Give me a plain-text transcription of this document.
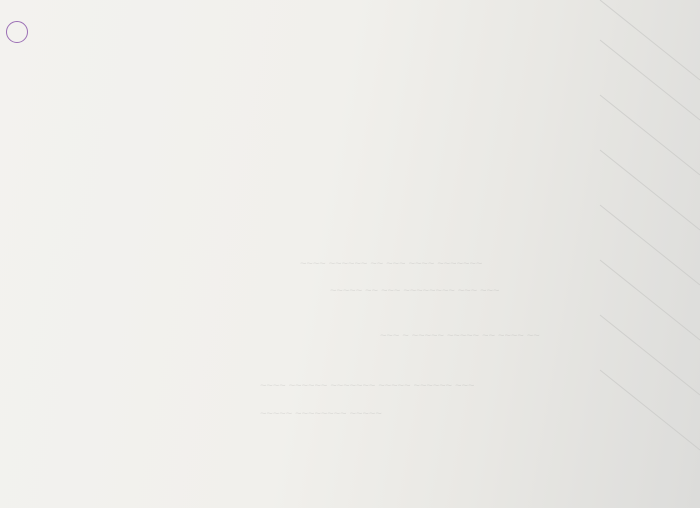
~~~~ ~~~~~~ ~~ ~~~ ~~~~ ~~~~~~~
~~~~~ ~~ ~~~ ~~~~~~~~ ~~~ ~~~
~~~ ~ ~~~~~ ~~~~~ ~~ ~~~~ ~~
~~~~ ~~~~~~ ~~~~~~~ ~~~~~ ~~~~~~ ~~~
~~~~~ ~~~~~~~~ ~~~~~
